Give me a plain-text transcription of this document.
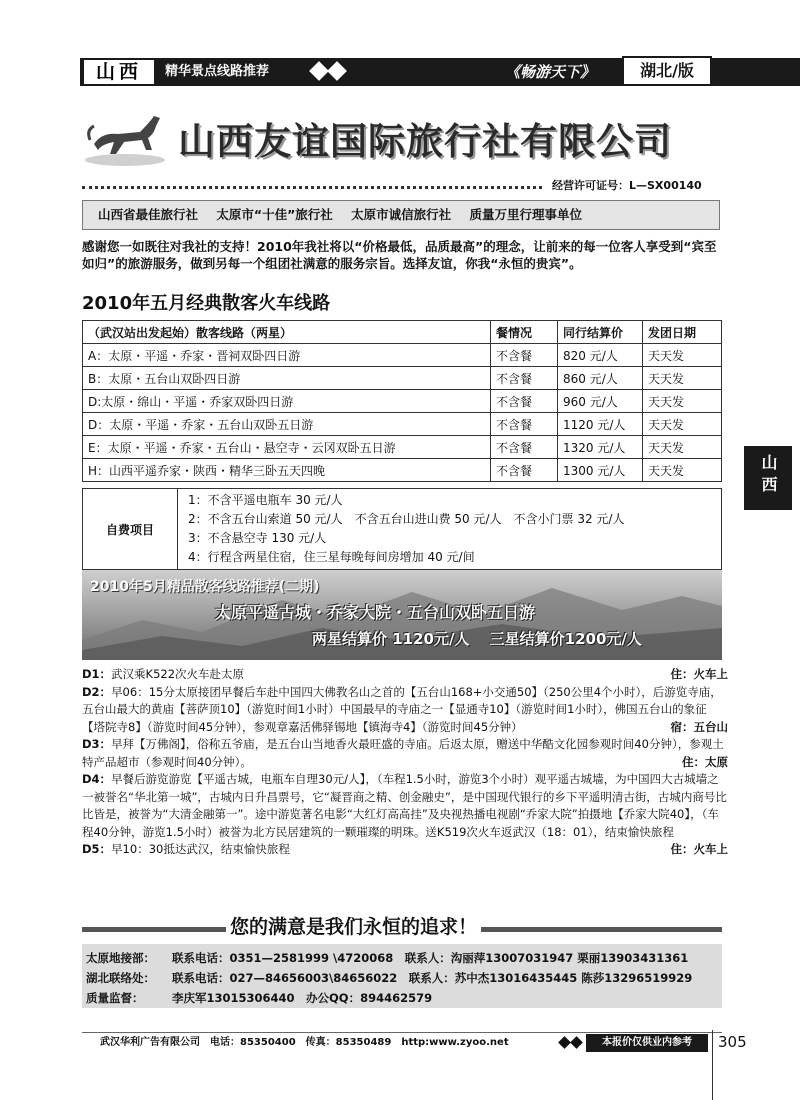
山西	精华景点线路推荐	《畅游天下》	湖北/版
山西友谊国际旅行社有限公司
经营许可证号：L—SX00140
山西省最佳旅行社 太原市“十佳”旅行社 太原市诚信旅行社 质量万里行理事单位
感谢您一如既往对我社的支持！2010年我社将以“价格最低，品质最高”的理念，让前来的每一位客人享受到“宾至如归”的旅游服务，做到另每一个组团社满意的服务宗旨。选择友谊，你我“永恒的贵宾”。
2010年五月经典散客火车线路
（武汉站出发起始）散客线路（两星）	餐情况	同行结算价	发团日期
A：太原・平遥・乔家・晋祠双卧四日游	不含餐	820 元/人	天天发
B：太原・五台山双卧四日游	不含餐	860 元/人	天天发
D:太原・绵山・平遥・乔家双卧四日游	不含餐	960 元/人	天天发
D：太原・平遥・乔家・五台山双卧五日游	不含餐	1120 元/人	天天发
E：太原・平遥・乔家・五台山・悬空寺・云冈双卧五日游	不含餐	1320 元/人	天天发
H：山西平遥乔家・陕西・精华三卧五天四晚	不含餐	1300 元/人	天天发
自费项目	
1：不含平遥电瓶车 30 元/人
2：不含五台山索道 50 元/人　不含五台山进山费 50 元/人　不含小门票 32 元/人
3：不含悬空寺 130 元/人
4：行程含两星住宿，住三星每晚每间房增加 40 元/间
山西
2010年5月精品散客线路推荐(二期)
太原平遥古城・乔家大院・五台山双卧五日游
两星结算价 1120元/人　 三星结算价1200元/人

住：火车上
D1：武汉乘K522次火车赴太原

D2：早06：15分太原接团早餐后车赴中国四大佛教名山之首的【五台山168+小交通50】（250公里4个小时），后游览寺庙，五台山最大的黄庙【菩萨顶10】（游览时间1小时）中国最早的寺庙之一【显通寺10】（游览时间1小时），佛国五台山的象征【塔院寺8】（游览时间45分钟），参观章嘉活佛驿锡地【镇海寺4】（游览时间45分钟）	宿：五台山

D3：早拜【万佛阁】，俗称五爷庙，是五台山当地香火最旺盛的寺庙。后返太原，赠送中华酷文化园参观时间40分钟），参观土特产品超市（参观时间40分钟）。	住：太原

D4：早餐后游览游览【平遥古城，电瓶车自理30元/人】，（车程1.5小时，游览3个小时）观平遥古城墙，为中国四大古城墙之一被誉名“华北第一城”，古城内日升昌票号，它“凝晋商之精、创金融史”，是中国现代银行的乡下平遥明清古街，古城内商号比比皆是，被誉为“大清金融第一”。途中游览著名电影“大红灯高高挂”及央视热播电视剧“乔家大院”拍摄地【乔家大院40】，（车程40分钟，游览1.5小时）被誉为北方民居建筑的一颗璀璨的明珠。送K519次火车返武汉（18：01），结束愉快旅程
住：火车上

D5：早10：30抵达武汉，结束愉快旅程

您的满意是我们永恒的追求！
太原地接部： 联系电话：0351—2581999 \4720068　联系人：沟丽萍13007031947 栗丽13903431361
湖北联络处： 联系电话：027—84656003\84656022　联系人：苏中杰13016435445 陈莎13296519929
质量监督： 李庆军13015306440　办公QQ：894462579
武汉华利广告有限公司　电话：85350400　传真：85350489　http:www.zyoo.net	本报价仅供业内参考	305
